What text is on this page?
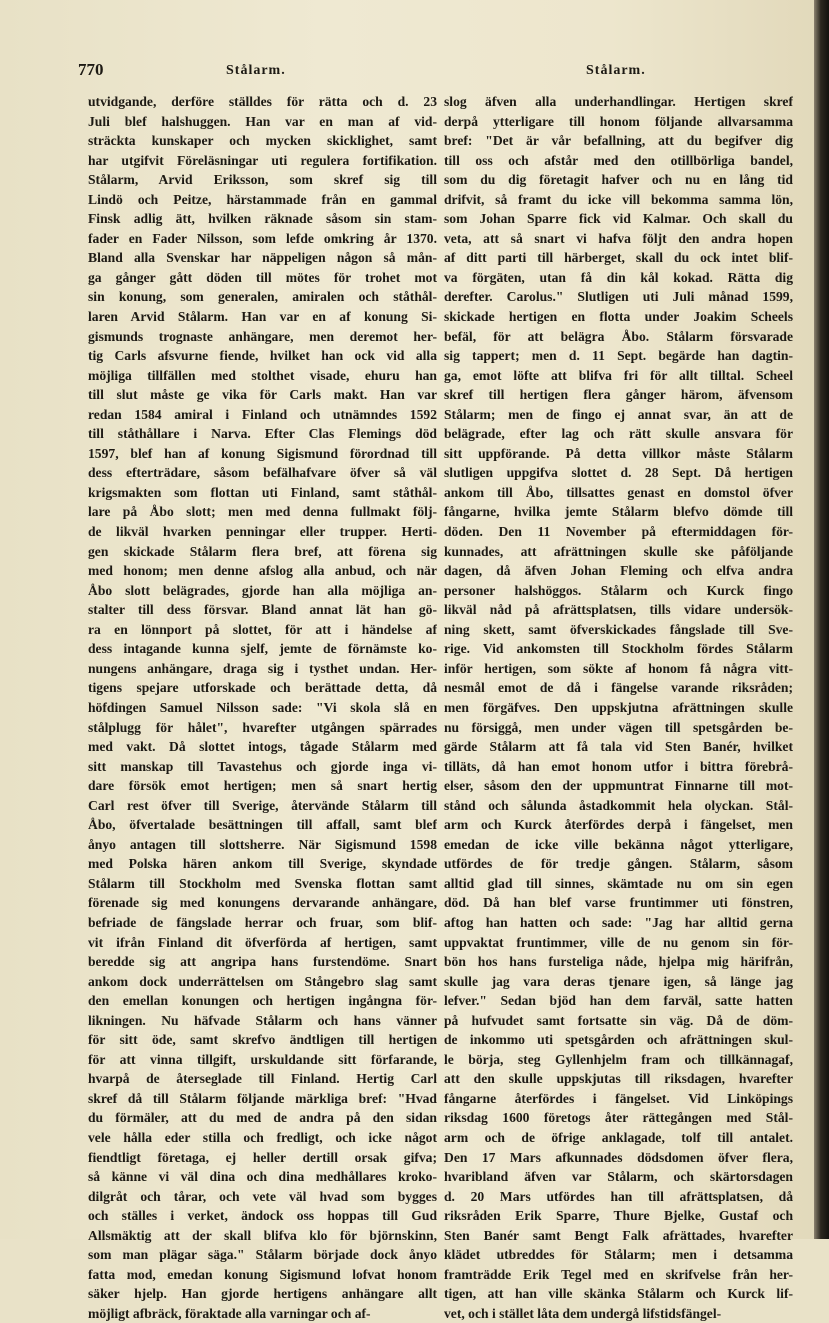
770	Stålarm.	Stålarm.
utvidgande, derföre ställdes för rätta och d. 23
Juli blef halshuggen. Han var en man af vid-
sträckta kunskaper och mycken skicklighet, samt
har utgifvit Föreläsningar uti regulera fortifikation.
Stålarm, Arvid Eriksson, som skref sig till
Lindö och Peitze, härstammade från en gammal
Finsk adlig ätt, hvilken räknade såsom sin stam-
fader en Fader Nilsson, som lefde omkring år 1370.
Bland alla Svenskar har näppeligen någon så mån-
ga gånger gått döden till mötes för trohet mot
sin konung, som generalen, amiralen och ståthål-
laren Arvid Stålarm. Han var en af konung Si-
gismunds trognaste anhängare, men deremot her-
tig Carls afsvurne fiende, hvilket han ock vid alla
möjliga tillfällen med stolthet visade, ehuru han
till slut måste ge vika för Carls makt. Han var
redan 1584 amiral i Finland och utnämndes 1592
till ståthållare i Narva. Efter Clas Flemings död
1597, blef han af konung Sigismund förordnad till
dess efterträdare, såsom befälhafvare öfver så väl
krigsmakten som flottan uti Finland, samt ståthål-
lare på Åbo slott; men med denna fullmakt följ-
de likväl hvarken penningar eller trupper. Herti-
gen skickade Stålarm flera bref, att förena sig
med honom; men denne afslog alla anbud, och när
Åbo slott belägrades, gjorde han alla möjliga an-
stalter till dess försvar. Bland annat lät han gö-
ra en lönnport på slottet, för att i händelse af
dess intagande kunna sjelf, jemte de förnämste ko-
nungens anhängare, draga sig i tysthet undan. Her-
tigens spejare utforskade och berättade detta, då
höfdingen Samuel Nilsson sade: "Vi skola slå en
stålplugg för hålet", hvarefter utgången spärrades
med vakt. Då slottet intogs, tågade Stålarm med
sitt manskap till Tavastehus och gjorde inga vi-
dare försök emot hertigen; men så snart hertig
Carl rest öfver till Sverige, återvände Stålarm till
Åbo, öfvertalade besättningen till affall, samt blef
ånyo antagen till slottsherre. När Sigismund 1598
med Polska hären ankom till Sverige, skyndade
Stålarm till Stockholm med Svenska flottan samt
förenade sig med konungens dervarande anhängare,
befriade de fängslade herrar och fruar, som blif-
vit ifrån Finland dit öfverförda af hertigen, samt
beredde sig att angripa hans furstendöme. Snart
ankom dock underrättelsen om Stångebro slag samt
den emellan konungen och hertigen ingångna för-
likningen. Nu häfvade Stålarm och hans vänner
för sitt öde, samt skrefvo ändtligen till hertigen
för att vinna tillgift, urskuldande sitt förfarande,
hvarpå de återseglade till Finland. Hertig Carl
skref då till Stålarm följande märkliga bref: "Hvad
du förmäler, att du med de andra på den sidan
vele hålla eder stilla och fredligt, och icke något
fiendtligt företaga, ej heller dertill orsak gifva;
så känne vi väl dina och dina medhållares kroko-
dilgråt och tårar, och vete väl hvad som bygges
och ställes i verket, ändock oss hoppas till Gud
Allsmäktig att der skall blifva klo för björnskinn,
som man plägar säga." Stålarm började dock ånyo
fatta mod, emedan konung Sigismund lofvat honom
säker hjelp. Han gjorde hertigens anhängare allt
möjligt afbräck, föraktade alla varningar och af-
slog äfven alla underhandlingar. Hertigen skref
derpå ytterligare till honom följande allvarsamma
bref: "Det är vår befallning, att du begifver dig
till oss och afstår med den otillbörliga bandel,
som du dig företagit hafver och nu en lång tid
drifvit, så framt du icke vill bekomma samma lön,
som Johan Sparre fick vid Kalmar. Och skall du
veta, att så snart vi hafva följt den andra hopen
af ditt parti till härberget, skall du ock intet blif-
va förgäten, utan få din kål kokad. Rätta dig
derefter. Carolus." Slutligen uti Juli månad 1599,
skickade hertigen en flotta under Joakim Scheels
befäl, för att belägra Åbo. Stålarm försvarade
sig tappert; men d. 11 Sept. begärde han dagtin-
ga, emot löfte att blifva fri för allt tilltal. Scheel
skref till hertigen flera gånger härom, äfvensom
Stålarm; men de fingo ej annat svar, än att de
belägrade, efter lag och rätt skulle ansvara för
sitt uppförande. På detta villkor måste Stålarm
slutligen uppgifva slottet d. 28 Sept. Då hertigen
ankom till Åbo, tillsattes genast en domstol öfver
fångarne, hvilka jemte Stålarm blefvo dömde till
döden. Den 11 November på eftermiddagen för-
kunnades, att afrättningen skulle ske påföljande
dagen, då äfven Johan Fleming och elfva andra
personer halshöggos. Stålarm och Kurck fingo
likväl nåd på afrättsplatsen, tills vidare undersök-
ning skett, samt öfverskickades fångslade till Sve-
rige. Vid ankomsten till Stockholm fördes Stålarm
inför hertigen, som sökte af honom få några vitt-
nesmål emot de då i fängelse varande riksråden;
men förgäfves. Den uppskjutna afrättningen skulle
nu försiggå, men under vägen till spetsgården be-
gärde Stålarm att få tala vid Sten Banér, hvilket
tilläts, då han emot honom utfor i bittra förebrå-
elser, såsom den der uppmuntrat Finnarne till mot-
stånd och sålunda åstadkommit hela olyckan. Stål-
arm och Kurck återfördes derpå i fängelset, men
emedan de icke ville bekänna något ytterligare,
utfördes de för tredje gången. Stålarm, såsom
alltid glad till sinnes, skämtade nu om sin egen
död. Då han blef varse fruntimmer uti fönstren,
aftog han hatten och sade: "Jag har alltid gerna
uppvaktat fruntimmer, ville de nu genom sin för-
bön hos hans fursteliga nåde, hjelpa mig härifrån,
skulle jag vara deras tjenare igen, så länge jag
lefver." Sedan bjöd han dem farväl, satte hatten
på hufvudet samt fortsatte sin väg. Då de döm-
de inkommo uti spetsgården och afrättningen skul-
le börja, steg Gyllenhjelm fram och tillkännagaf,
att den skulle uppskjutas till riksdagen, hvarefter
fångarne återfördes i fängelset. Vid Linköpings
riksdag 1600 företogs åter rättegången med Stål-
arm och de öfrige anklagade, tolf till antalet.
Den 17 Mars afkunnades dödsdomen öfver flera,
hvaribland äfven var Stålarm, och skärtorsdagen
d. 20 Mars utfördes han till afrättsplatsen, då
riksråden Erik Sparre, Thure Bjelke, Gustaf och
Sten Banér samt Bengt Falk afrättades, hvarefter
klädet utbreddes för Stålarm; men i detsamma
framträdde Erik Tegel med en skrifvelse från her-
tigen, att han ville skänka Stålarm och Kurck lif-
vet, och i stället låta dem undergå lifstidsfängel-
